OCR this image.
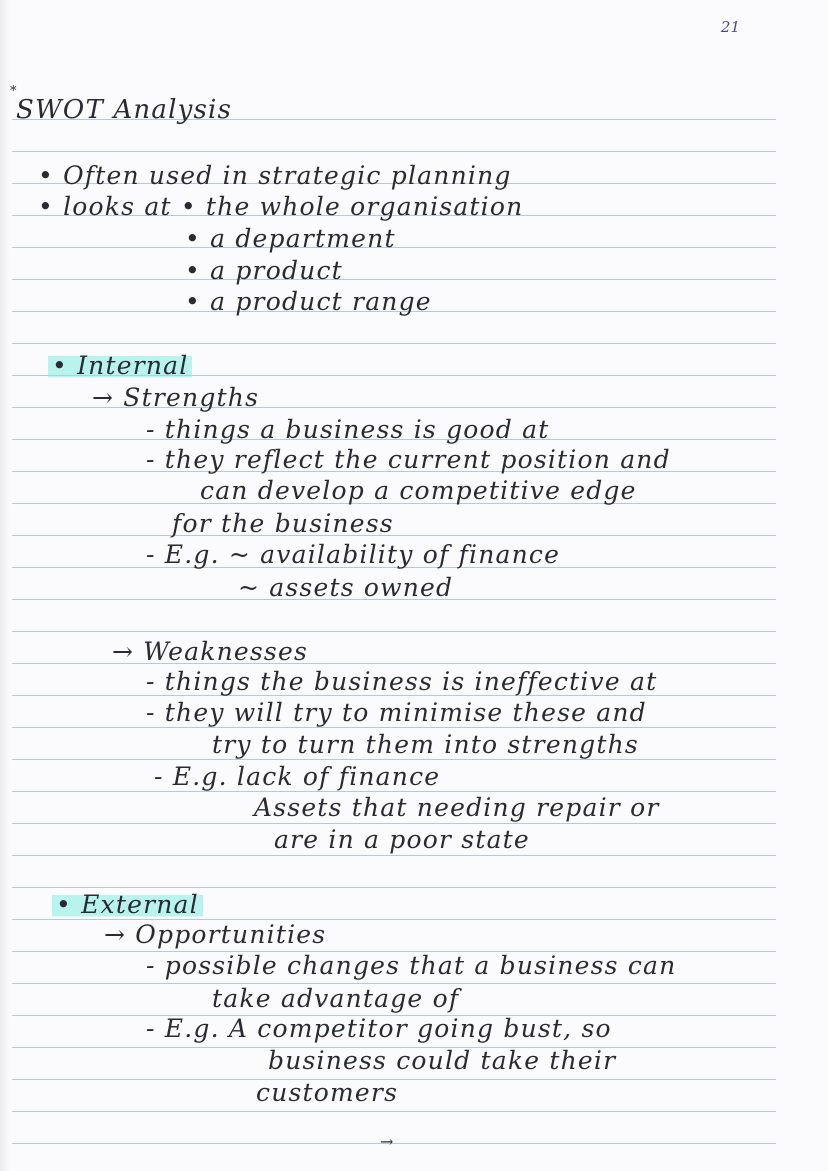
21
*
SWOT Analysis
• Often used in strategic planning
• looks at • the whole organisation
• a department
• a product
• a product range
• Internal
→ Strengths
- things a business is good at
- they reflect the current position and
can develop a competitive edge
for the business
- E.g. ~ availability of finance
~ assets owned
→ Weaknesses
- things the business is ineffective at
- they will try to minimise these and
try to turn them into strengths
- E.g. lack of finance
Assets that needing repair or
are in a poor state
• External
→ Opportunities
- possible changes that a business can
take advantage of
- E.g. A competitor going bust, so
business could take their
customers
→
